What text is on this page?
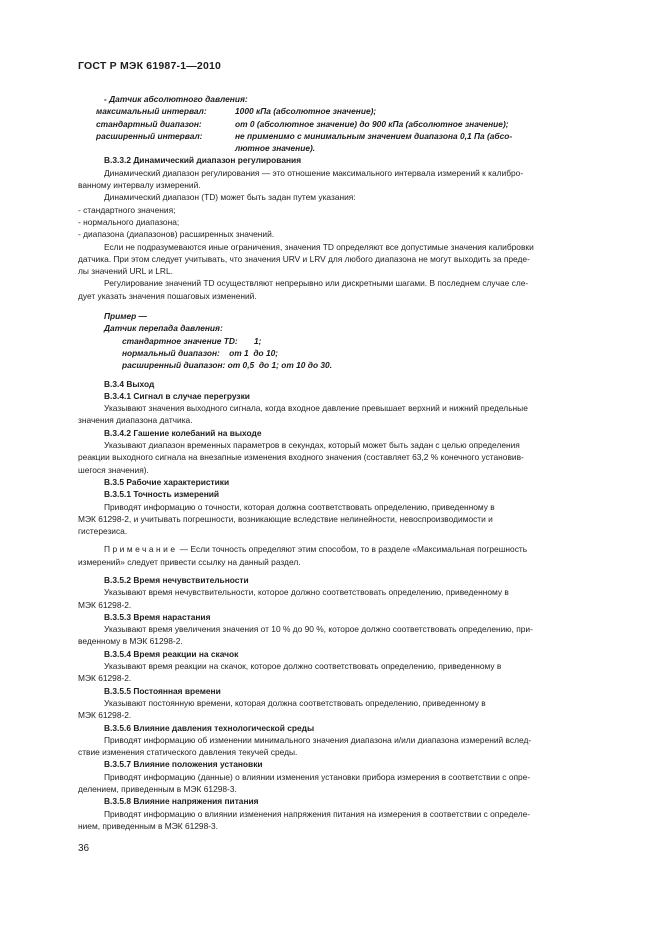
ГОСТ Р МЭК 61987-1—2010

- Датчик абсолютного давления:

максимальный интервал:	1000 кПа (абсолютное значение);
стандартный диапазон:	от 0 (абсолютное значение) до 900 кПа (абсолютное значение);
расширенный интервал:	не применимо с минимальным значением диапазона 0,1 Па (абсо-
лютное значение).

B.3.3.2 Динамический диапазон регулирования

Динамический диапазон регулирования — это отношение максимального интервала измерений к калибро-

ванному интервалу измерений.

Динамический диапазон (TD) может быть задан путем указания:

- стандартного значения;

- нормального диапазона;

- диапазона (диапазонов) расширенных значений.

Если не подразумеваются иные ограничения, значения TD определяют все допустимые значения калибровки

датчика. При этом следует учитывать, что значения URV и LRV для любого диапазона не могут выходить за преде-

лы значений URL и LRL.

Регулирование значений TD осуществляют непрерывно или дискретными шагами. В последнем случае сле-

дует указать значения пошаговых изменений.

Пример —

Датчик перепада давления:

стандартное значение TD:       1;

нормальный диапазон:    от 1  до 10;

расширенный диапазон: от 0,5  до 1; от 10 до 30.

B.3.4 Выход

B.3.4.1 Сигнал в случае перегрузки

Указывают значения выходного сигнала, когда входное давление превышает верхний и нижний предельные

значения диапазона датчика.

B.3.4.2 Гашение колебаний на выходе

Указывают диапазон временных параметров в секундах, который может быть задан с целью определения

реакции выходного сигнала на внезапные изменения входного значения (составляет 63,2 % конечного установив-

шегося значения).

B.3.5 Рабочие характеристики

B.3.5.1 Точность измерений

Приводят информацию о точности, которая должна соответствовать определению, приведенному в

МЭК 61298-2, и учитывать погрешности, возникающие вследствие нелинейности, невоспроизводимости и

гистерезиса.

Примечание — Если точность определяют этим способом, то в разделе «Максимальная погрешность

измерений» следует привести ссылку на данный раздел.

B.3.5.2 Время нечувствительности

Указывают время нечувствительности, которое должно соответствовать определению, приведенному в

МЭК 61298-2.

B.3.5.3 Время нарастания

Указывают время увеличения значения от 10 % до 90 %, которое должно соответствовать определению, при-

веденному в МЭК 61298-2.

B.3.5.4 Время реакции на скачок

Указывают время реакции на скачок, которое должно соответствовать определению, приведенному в

МЭК 61298-2.

B.3.5.5 Постоянная времени

Указывают постоянную времени, которая должна соответствовать определению, приведенному в

МЭК 61298-2.

B.3.5.6 Влияние давления технологической среды

Приводят информацию об изменении минимального значения диапазона и/или диапазона измерений вслед-

ствие изменения статического давления текучей среды.

B.3.5.7 Влияние положения установки

Приводят информацию (данные) о влиянии изменения установки прибора измерения в соответствии с опре-

делением, приведенным в МЭК 61298-3.

B.3.5.8 Влияние напряжения питания

Приводят информацию о влиянии изменения напряжения питания на измерения в соответствии с определе-

нием, приведенным в МЭК 61298-3.

36
